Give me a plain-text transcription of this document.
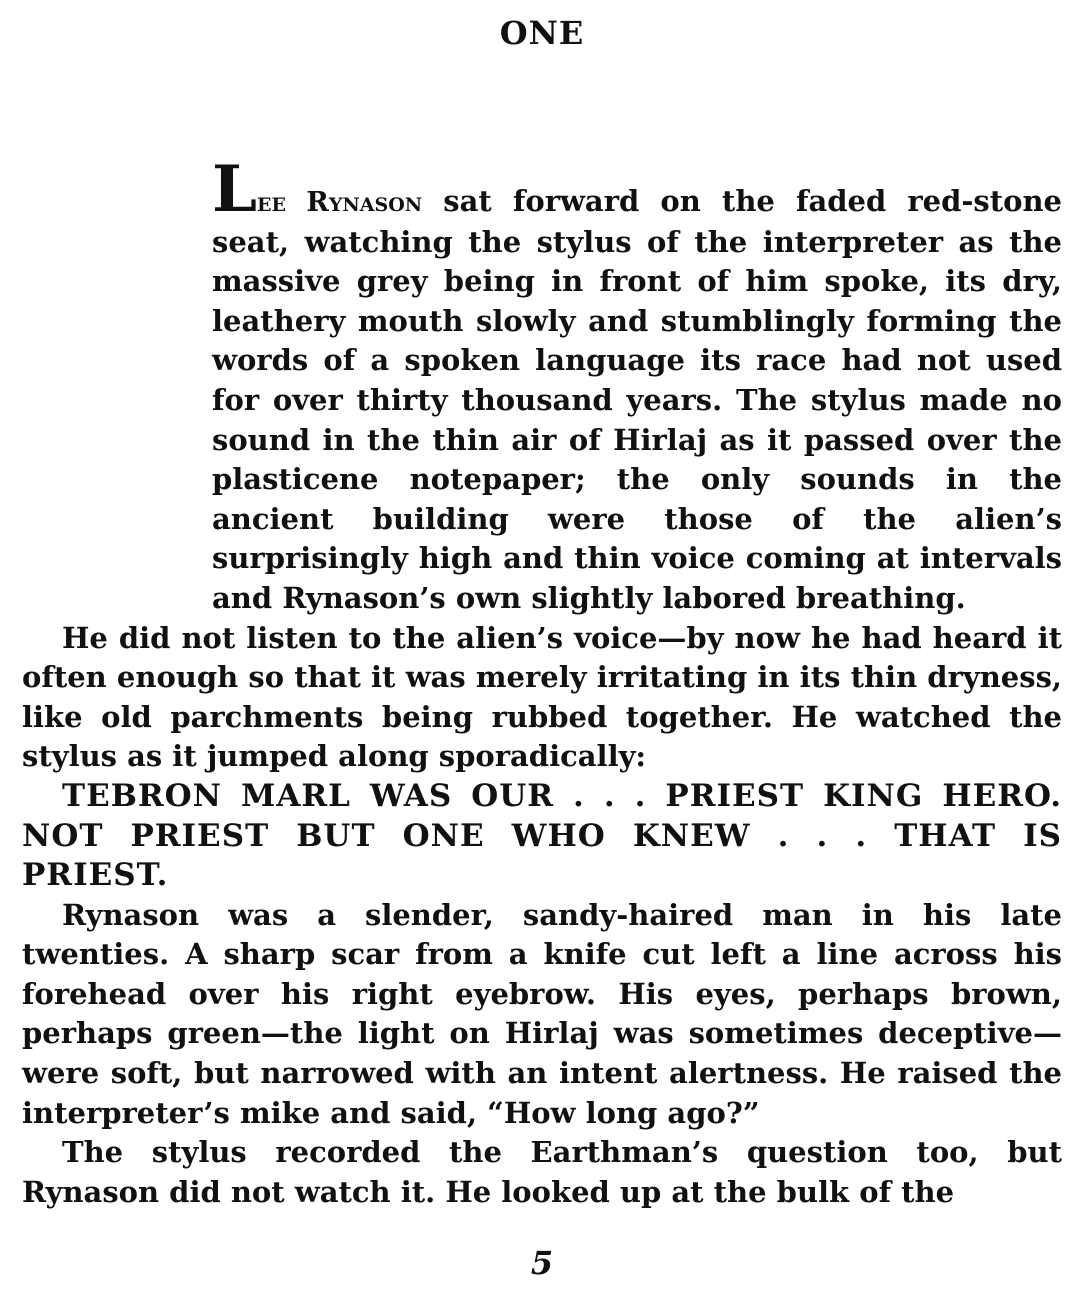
ONE

Lee Rynason sat forward on the faded red-stone seat, watching the stylus of the interpreter as the massive grey being in front of him spoke, its dry, leathery mouth slowly and stumblingly forming the words of a spoken language its race had not used for over thirty thousand years. The stylus made no sound in the thin air of Hirlaj as it passed over the plasticene notepaper; the only sounds in the ancient building were those of the alien’s surprisingly high and thin voice coming at intervals and Rynason’s own slightly labored breathing.

He did not listen to the alien’s voice—by now he had heard it often enough so that it was merely irritating in its thin dryness, like old parchments being rubbed together. He watched the stylus as it jumped along sporadically:

TEBRON MARL WAS OUR . . . PRIEST KING HERO. NOT PRIEST BUT ONE WHO KNEW . . . THAT IS PRIEST.

Rynason was a slender, sandy-haired man in his late twenties. A sharp scar from a knife cut left a line across his forehead over his right eyebrow. His eyes, perhaps brown, perhaps green—the light on Hirlaj was sometimes deceptive—were soft, but narrowed with an intent alertness. He raised the interpreter’s mike and said, “How long ago?”

The stylus recorded the Earthman’s question too, but Rynason did not watch it. He looked up at the bulk of the

5
